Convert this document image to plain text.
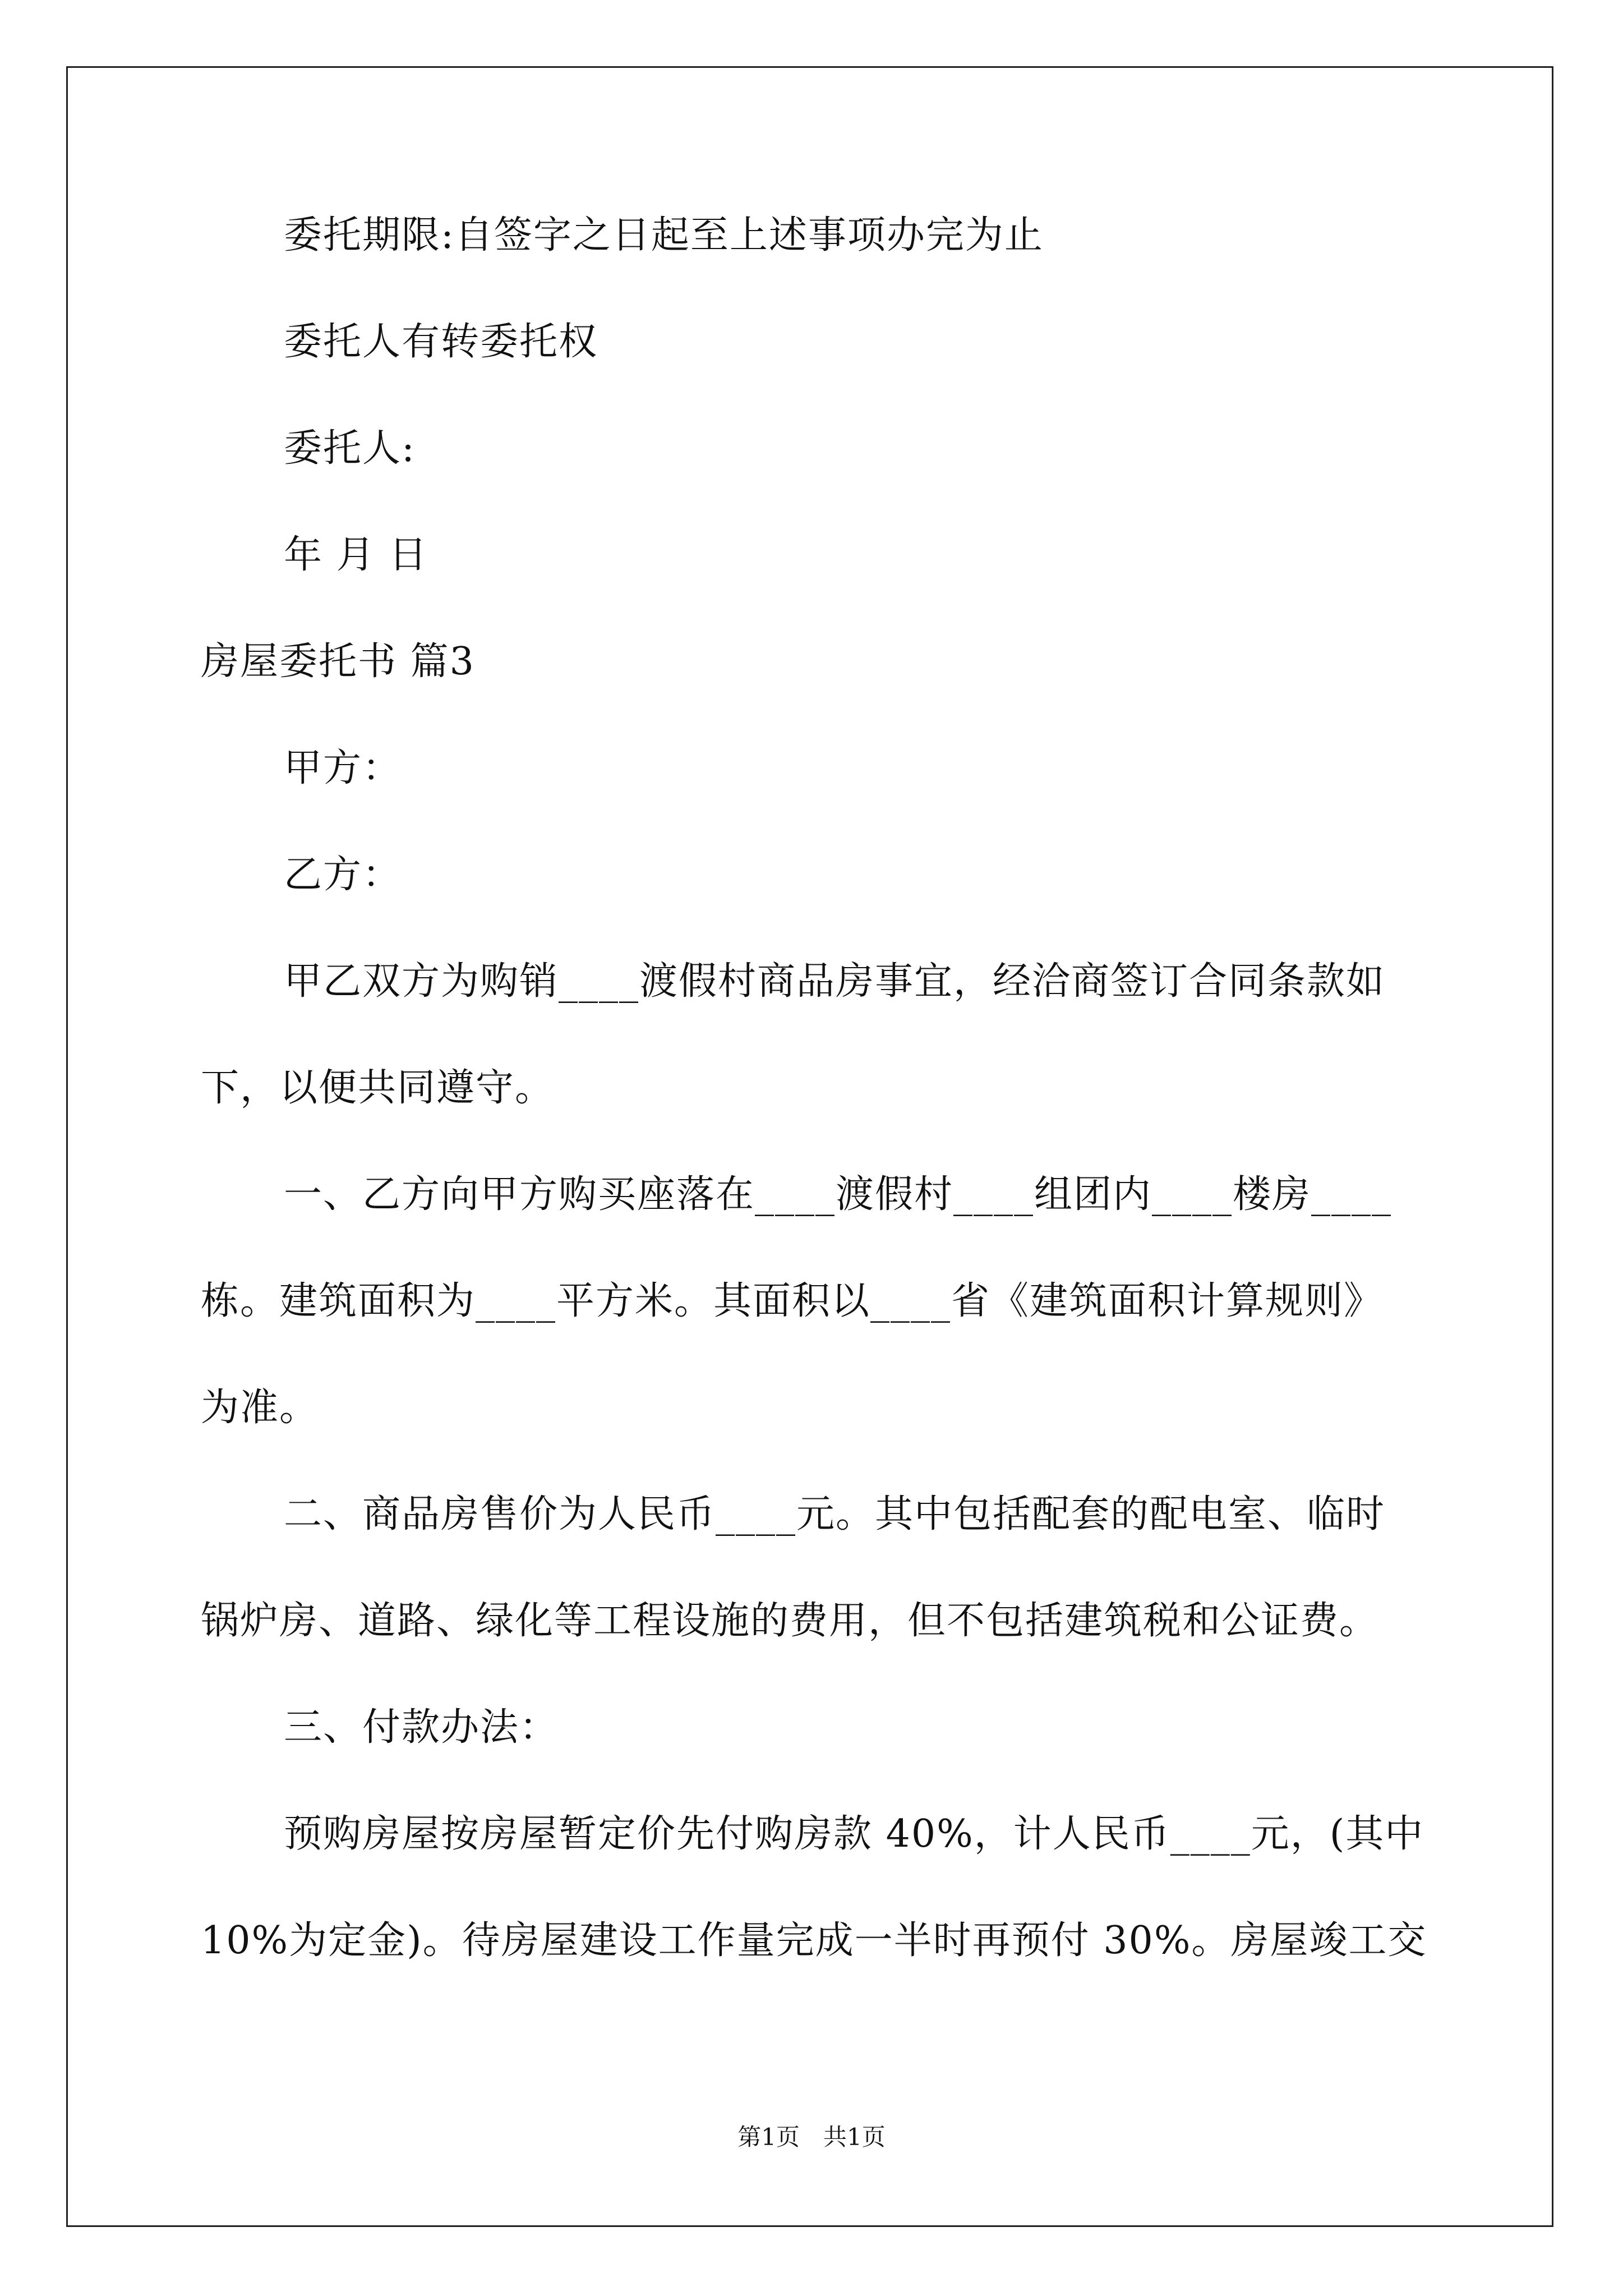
委托期限:自签字之日起至上述事项办完为止
委托人有转委托权
委托人:
年 月 日
房屋委托书 篇3
甲方：
乙方：
甲乙双方为购销____渡假村商品房事宜，经洽商签订合同条款如
下，以便共同遵守。
一、乙方向甲方购买座落在____渡假村____组团内____楼房____
栋。建筑面积为____平方米。其面积以____省《建筑面积计算规则》
为准。
二、商品房售价为人民币____元。其中包括配套的配电室、临时
锅炉房、道路、绿化等工程设施的费用，但不包括建筑税和公证费。
三、付款办法：
预购房屋按房屋暂定价先付购房款 40%，计人民币____元，(其中
10%为定金)。待房屋建设工作量完成一半时再预付 30%。房屋竣工交
第1页　共1页
